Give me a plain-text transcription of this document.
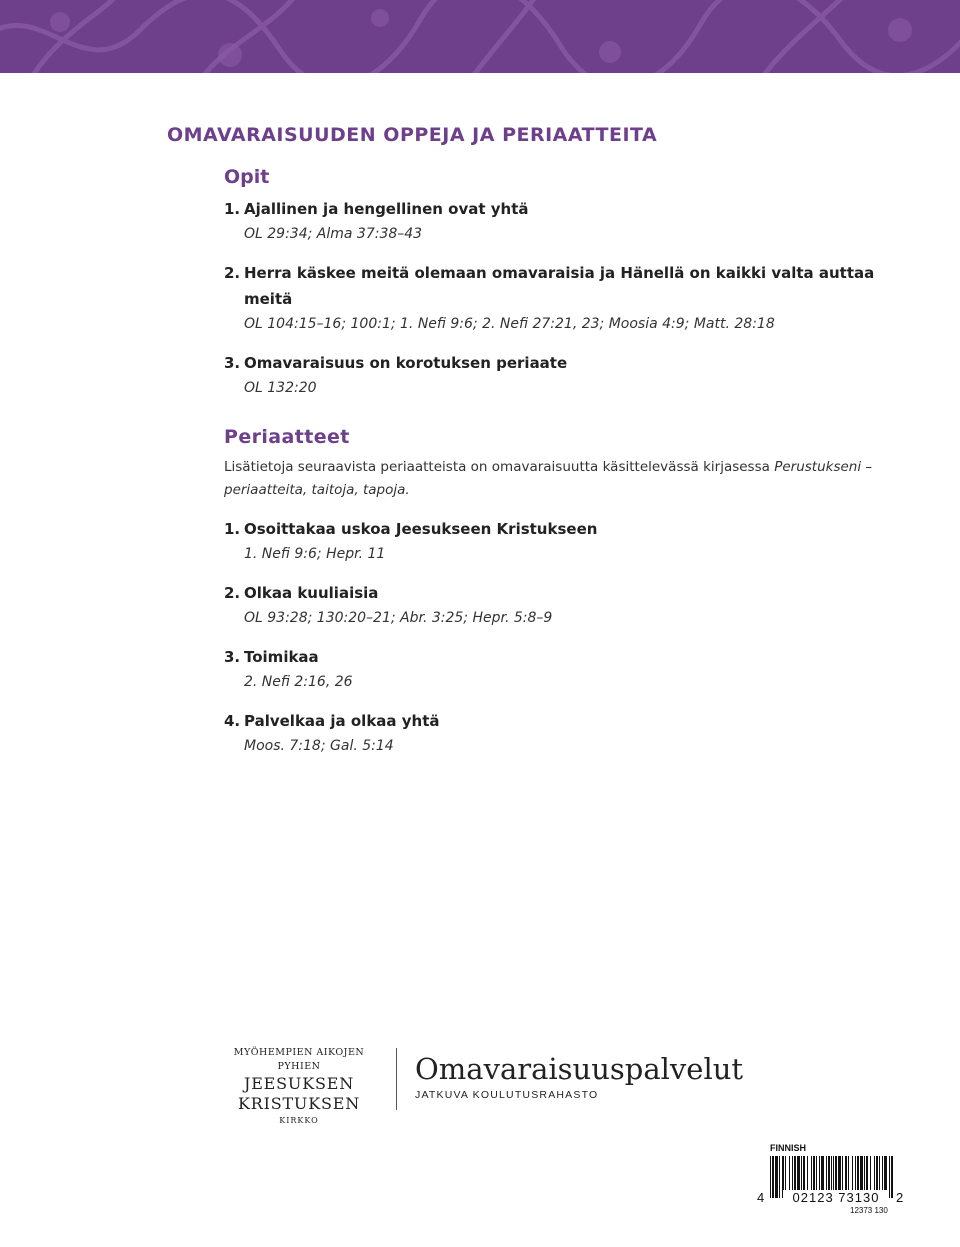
OMAVARAISUUDEN OPPEJA JA PERIAATTEITA
Opit
1. Ajallinen ja hengellinen ovat yhtä
OL 29:34; Alma 37:38–43
2. Herra käskee meitä olemaan omavaraisia ja Hänellä on kaikki valta auttaa meitä
OL 104:15–16; 100:1; 1. Nefi 9:6; 2. Nefi 27:21, 23; Moosia 4:9; Matt. 28:18
3. Omavaraisuus on korotuksen periaate
OL 132:20
Periaatteet
Lisätietoja seuraavista periaatteista on omavaraisuutta käsittelevässä kirjasessa Perustukseni – periaatteita, taitoja, tapoja.
1. Osoittakaa uskoa Jeesukseen Kristukseen
1. Nefi 9:6; Hepr. 11
2. Olkaa kuuliaisia
OL 93:28; 130:20–21; Abr. 3:25; Hepr. 5:8–9
3. Toimikaa
2. Nefi 2:16, 26
4. Palvelkaa ja olkaa yhtä
Moos. 7:18; Gal. 5:14
MYÖHEMPIEN AIKOJEN PYHIEN
JEESUKSEN
KRISTUKSEN
KIRKKO
Omavaraisuuspalvelut
JATKUVA KOULUTUSRAHASTO
FINNISH
4	02123 73130	2
12373 130
